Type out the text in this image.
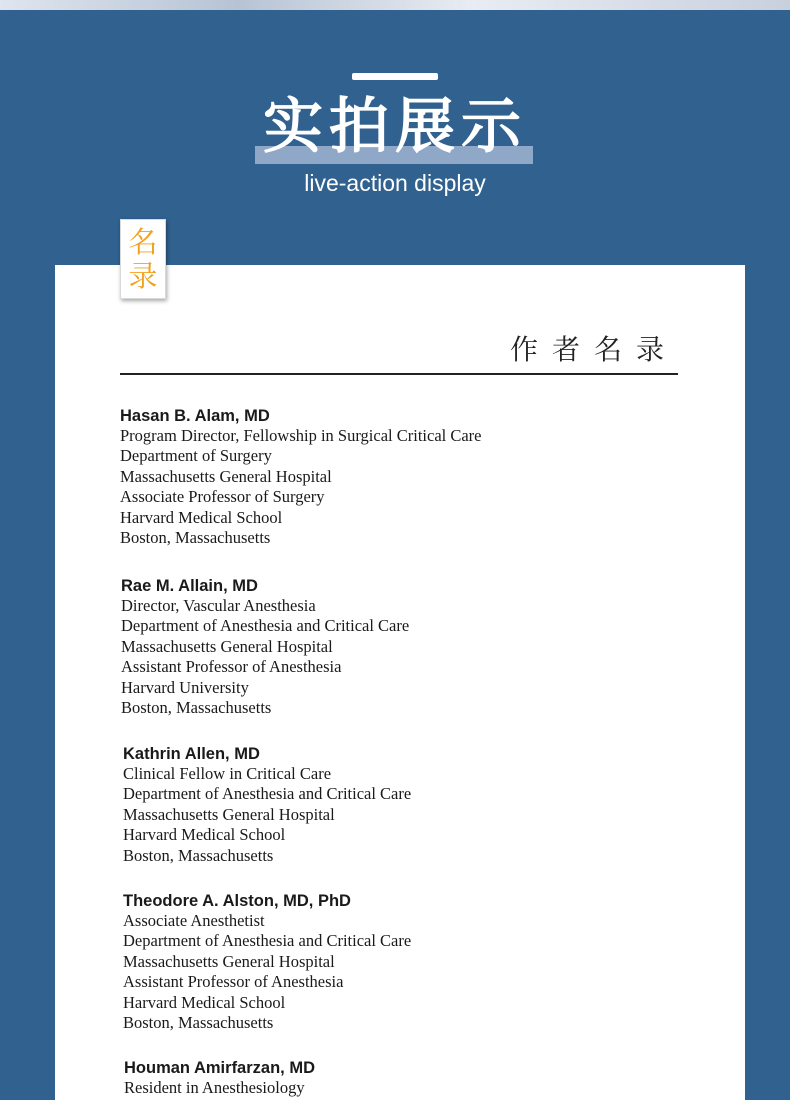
实拍展示
live-action display
名
录
作者名录
Hasan B. Alam, MD
Program Director, Fellowship in Surgical Critical Care
Department of Surgery
Massachusetts General Hospital
Associate Professor of Surgery
Harvard Medical School
Boston, Massachusetts
Rae M. Allain, MD
Director, Vascular Anesthesia
Department of Anesthesia and Critical Care
Massachusetts General Hospital
Assistant Professor of Anesthesia
Harvard University
Boston, Massachusetts
Kathrin Allen, MD
Clinical Fellow in Critical Care
Department of Anesthesia and Critical Care
Massachusetts General Hospital
Harvard Medical School
Boston, Massachusetts
Theodore A. Alston, MD, PhD
Associate Anesthetist
Department of Anesthesia and Critical Care
Massachusetts General Hospital
Assistant Professor of Anesthesia
Harvard Medical School
Boston, Massachusetts
Houman Amirfarzan, MD
Resident in Anesthesiology
